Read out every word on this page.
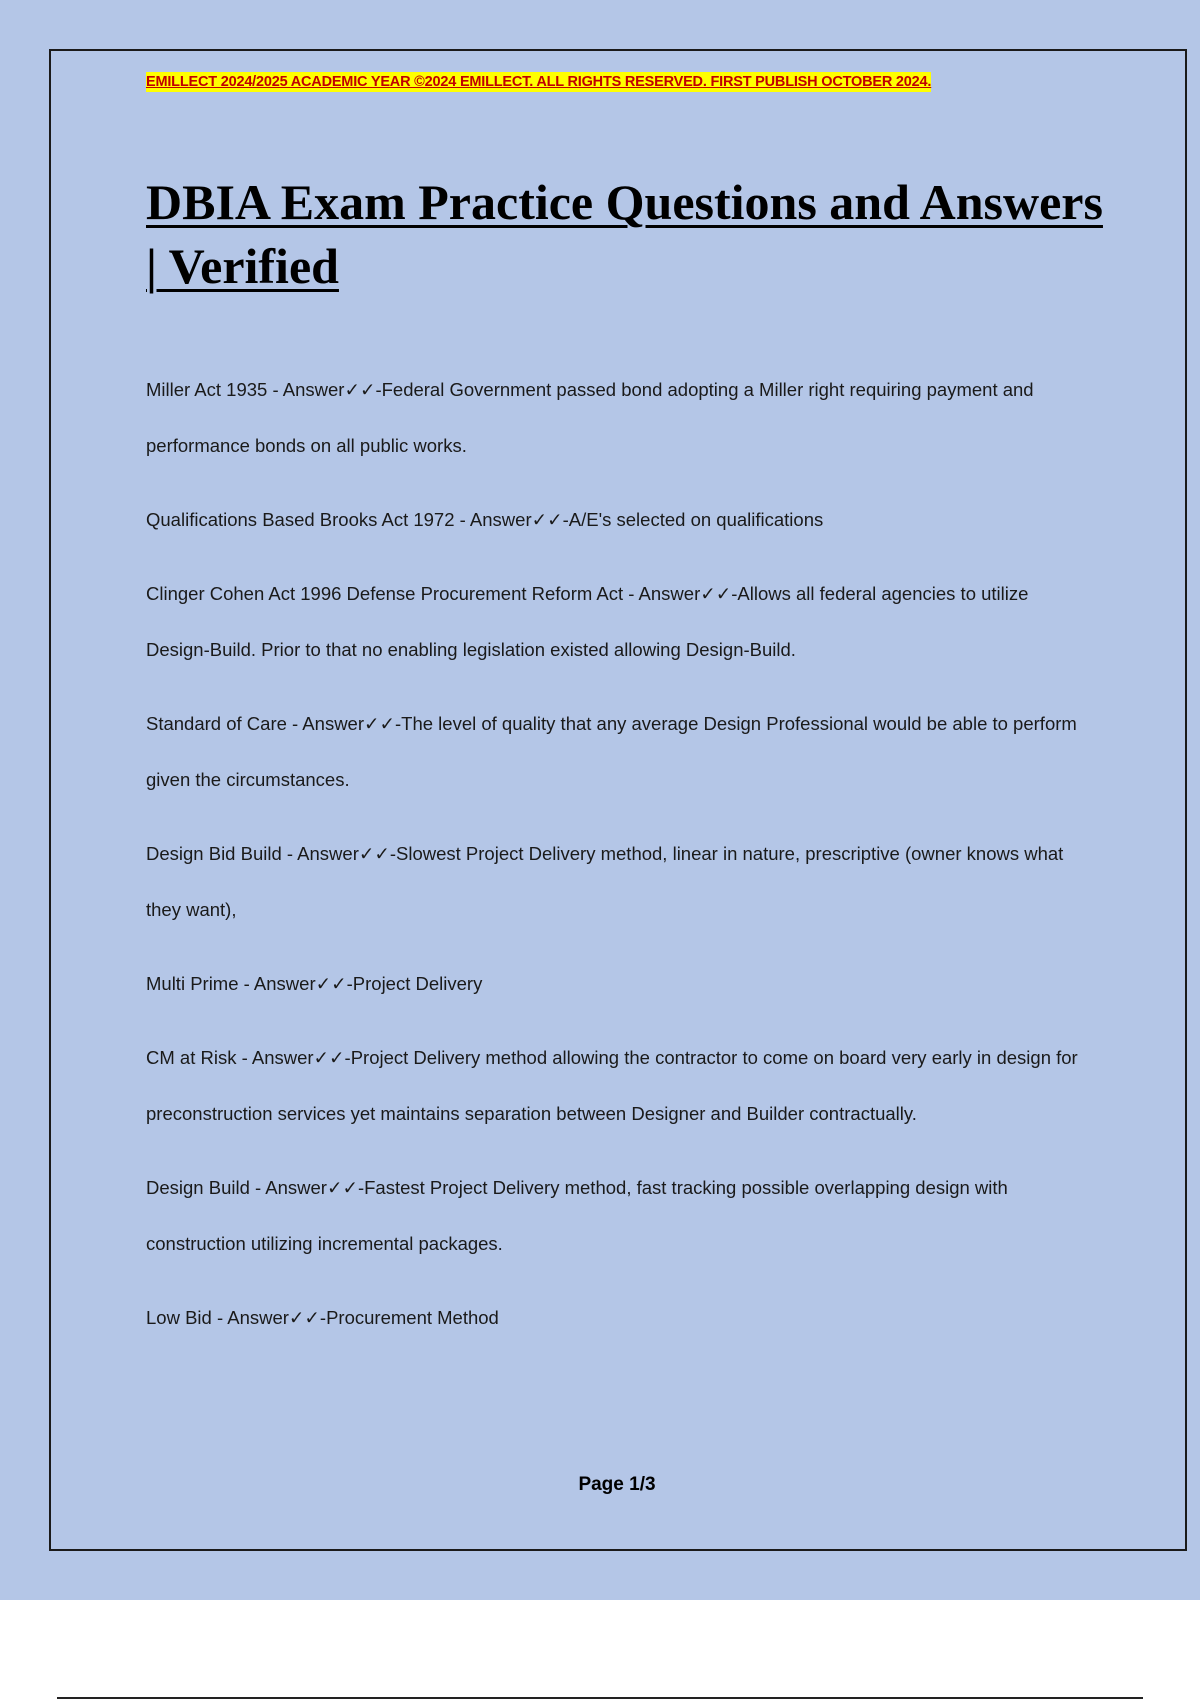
EMILLECT 2024/2025 ACADEMIC YEAR ©2024 EMILLECT. ALL RIGHTS RESERVED. FIRST PUBLISH OCTOBER 2024.
DBIA Exam Practice Questions and Answers | Verified
Miller Act 1935 - Answer✓✓-Federal Government passed bond adopting a Miller right requiring payment and performance bonds on all public works.
Qualifications Based Brooks Act 1972 - Answer✓✓-A/E's selected on qualifications
Clinger Cohen Act 1996 Defense Procurement Reform Act - Answer✓✓-Allows all federal agencies to utilize Design-Build. Prior to that no enabling legislation existed allowing Design-Build.
Standard of Care - Answer✓✓-The level of quality that any average Design Professional would be able to perform given the circumstances.
Design Bid Build - Answer✓✓-Slowest Project Delivery method, linear in nature, prescriptive (owner knows what they want),
Multi Prime - Answer✓✓-Project Delivery
CM at Risk - Answer✓✓-Project Delivery method allowing the contractor to come on board very early in design for preconstruction services yet maintains separation between Designer and Builder contractually.
Design Build - Answer✓✓-Fastest Project Delivery method, fast tracking possible overlapping design with construction utilizing incremental packages.
Low Bid - Answer✓✓-Procurement Method
Page 1/3
